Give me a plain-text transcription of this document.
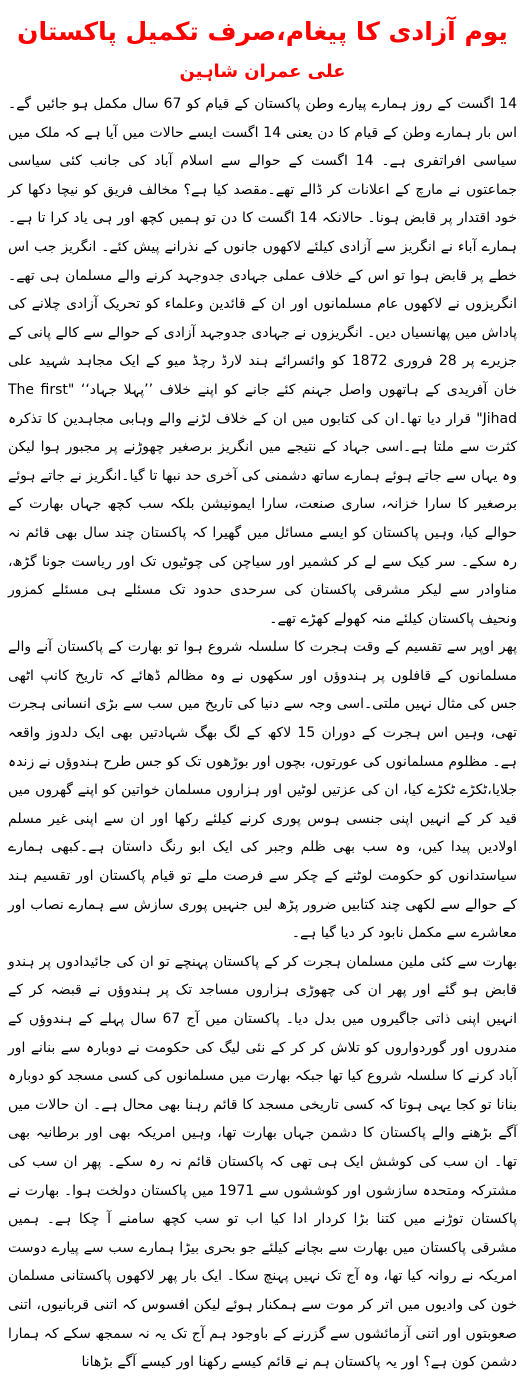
یوم آزادی کا پیغام،صرف تکمیل پاکستان

علی عمران شاہین

14 اگست کے روز ہمارے پیارے وطن پاکستان کے قیام کو 67 سال مکمل ہو جائیں گے۔اس بار ہمارے وطن کے قیام کا دن یعنی 14 اگست ایسے حالات میں آیا ہے کہ ملک میں سیاسی افراتفری ہے۔ 14 اگست کے حوالے سے اسلام آباد کی جانب کئی سیاسی جماعتوں نے مارچ کے اعلانات کر ڈالے تھے۔مقصد کیا ہے؟ مخالف فریق کو نیچا دکھا کر خود اقتدار پر قابض ہونا۔ حالانکہ 14 اگست کا دن تو ہمیں کچھ اور ہی یاد کرا تا ہے۔ہمارے آباء نے انگریز سے آزادی کیلئے لاکھوں جانوں کے نذرانے پیش کئے۔ انگریز جب اس خطے پر قابض ہوا تو اس کے خلاف عملی جہادی جدوجہد کرنے والے مسلمان ہی تھے۔ انگریزوں نے لاکھوں عام مسلمانوں اور ان کے قائدین وعلماء کو تحریک آزادی چلانے کی پاداش میں پھانسیاں دیں۔ انگریزوں نے جہادی جدوجہد آزادی کے حوالے سے کالے پانی کے جزیرے پر 28 فروری 1872 کو وائسرائے ہند لارڈ رچڈ میو کے ایک مجاہد شہید علی خان آفریدی کے ہاتھوں واصل جہنم کئے جانے کو اپنے خلاف ’’پہلا جہاد‘‘ "The first Jihad" قرار دیا تھا۔ان کی کتابوں میں ان کے خلاف لڑنے والے وہابی مجاہدین کا تذکرہ کثرت سے ملتا ہے۔اسی جہاد کے نتیجے میں انگریز برصغیر چھوڑنے پر مجبور ہوا لیکن وہ یہاں سے جاتے ہوئے ہمارے ساتھ دشمنی کی آخری حد نبھا تا گیا۔انگریز نے جاتے ہوئے برصغیر کا سارا خزانہ، ساری صنعت، سارا ایمونیشن بلکہ سب کچھ جہاں بھارت کے حوالے کیا، وہیں پاکستان کو ایسے مسائل میں گھیرا کہ پاکستان چند سال بھی قائم نہ رہ سکے۔ سر کیک سے لے کر کشمیر اور سیاچن کی چوٹیوں تک اور ریاست جونا گڑھ، مناوادر سے لیکر مشرقی پاکستان کی سرحدی حدود تک مسئلے ہی مسئلے کمزور ونحیف پاکستان کیلئے منہ کھولے کھڑے تھے۔

پھر اوپر سے تقسیم کے وقت ہجرت کا سلسلہ شروع ہوا تو بھارت کے پاکستان آنے والے مسلمانوں کے قافلوں پر ہندوؤں اور سکھوں نے وہ مظالم ڈھائے کہ تاریخ کانپ اٹھی جس کی مثال نہیں ملتی۔اسی وجہ سے دنیا کی تاریخ میں سب سے بڑی انسانی ہجرت تھی، وہیں اس ہجرت کے دوران 15 لاکھ کے لگ بھگ شہادتیں بھی ایک دلدوز واقعہ ہے۔ مظلوم مسلمانوں کی عورتوں، بچوں اور بوڑھوں تک کو جس طرح ہندوؤں نے زندہ جلایا،ٹکڑے ٹکڑے کیا، ان کی عزتیں لوٹیں اور ہزاروں مسلمان خواتین کو اپنے گھروں میں قید کر کے انہیں اپنی جنسی ہوس پوری کرنے کیلئے رکھا اور ان سے اپنی غیر مسلم اولادیں پیدا کیں، وہ سب بھی ظلم وجبر کی ایک ابو رنگ داستان ہے۔کبھی ہمارے سیاستدانوں کو حکومت لوٹنے کے چکر سے فرصت ملے تو قیام پاکستان اور تقسیم ہند کے حوالے سے لکھی چند کتابیں ضرور پڑھ لیں جنہیں پوری سازش سے ہمارے نصاب اور معاشرے سے مکمل نابود کر دیا گیا ہے۔

بھارت سے کئی ملین مسلمان ہجرت کر کے پاکستان پہنچے تو ان کی جائیدادوں پر ہندو قابض ہو گئے اور پھر ان کی چھوڑی ہزاروں مساجد تک پر ہندوؤں نے قبضہ کر کے انہیں اپنی ذاتی جاگیروں میں بدل دیا۔ پاکستان میں آج 67 سال پہلے کے ہندوؤں کے مندروں اور گوردواروں کو تلاش کر کر کے نئی لیگ کی حکومت نے دوبارہ سے بنانے اور آباد کرنے کا سلسلہ شروع کیا تھا جبکہ بھارت میں مسلمانوں کی کسی مسجد کو دوبارہ بنانا تو کجا یہی ہوتا کہ کسی تاریخی مسجد کا قائم رہنا بھی محال ہے۔ ان حالات میں آگے بڑھنے والے پاکستان کا دشمن جہاں بھارت تھا، وہیں امریکہ بھی اور برطانیہ بھی تھا۔ ان سب کی کوشش ایک ہی تھی کہ پاکستان قائم نہ رہ سکے۔ پھر ان سب کی مشترکہ ومتحدہ سازشوں اور کوششوں سے 1971 میں پاکستان دولخت ہوا۔ بھارت نے پاکستان توڑنے میں کتنا بڑا کردار ادا کیا اب تو سب کچھ سامنے آ چکا ہے۔ ہمیں مشرقی پاکستان میں بھارت سے بچانے کیلئے جو بحری بیڑا ہمارے سب سے پیارے دوست امریکہ نے روانہ کیا تھا، وہ آج تک نہیں پہنچ سکا۔ ایک بار پھر لاکھوں پاکستانی مسلمان خون کی وادیوں میں اتر کر موت سے ہمکنار ہوئے لیکن افسوس کہ اتنی قربانیوں، اتنی صعوبتوں اور اتنی آزمائشوں سے گزرنے کے باوجود ہم آج تک یہ نہ سمجھ سکے کہ ہمارا دشمن کون ہے؟ اور یہ پاکستان ہم نے قائم کیسے رکھنا اور کیسے آگے بڑھانا
